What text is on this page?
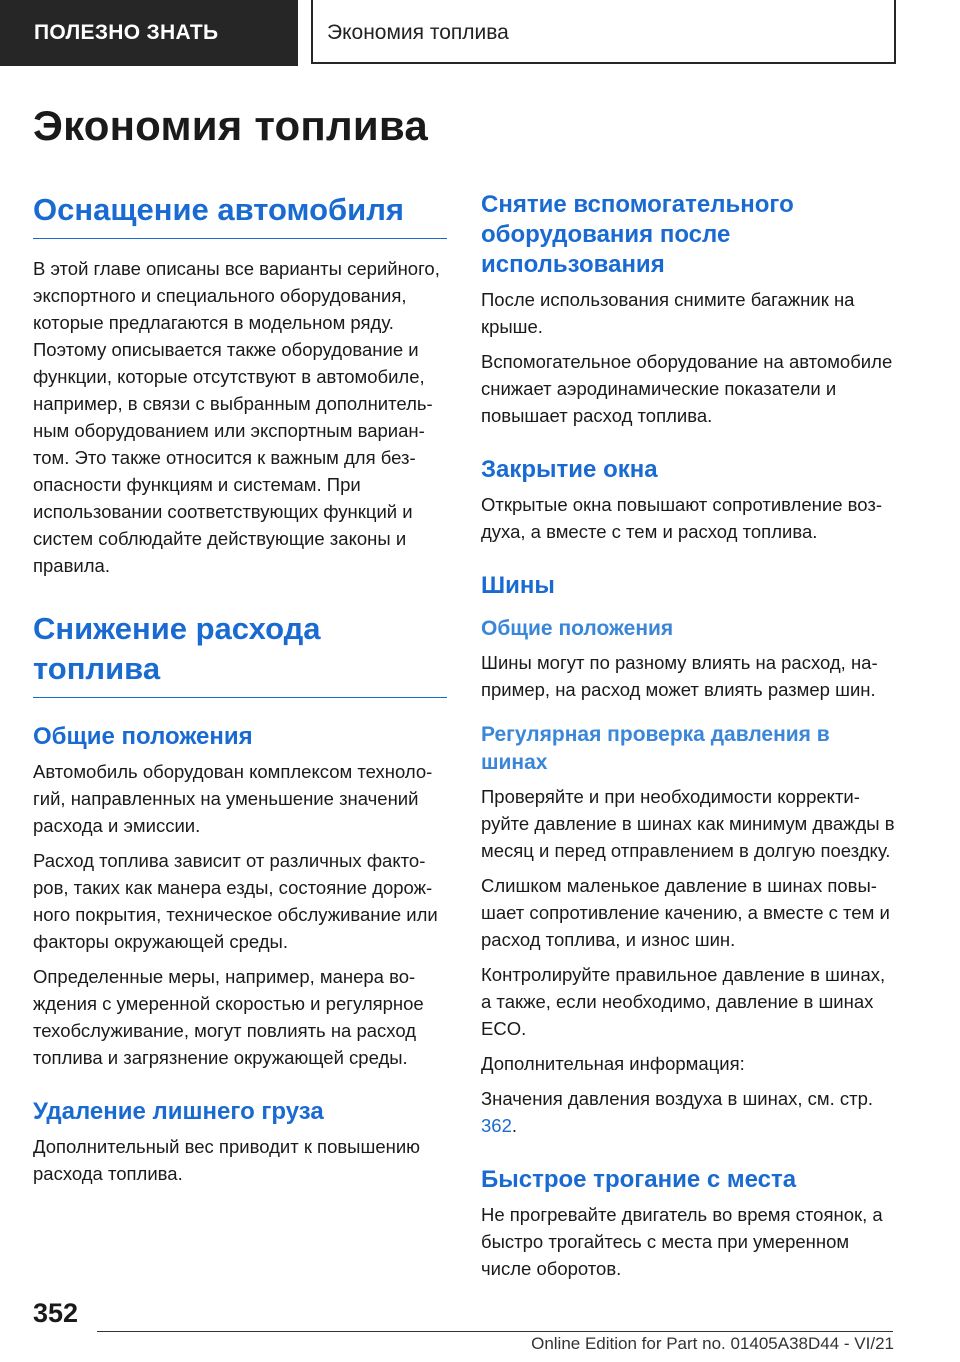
ПОЛЕЗНО ЗНАТЬ	Экономия топлива
Экономия топлива
Оснащение автомобиля

В этой главе описаны все варианты серийного, экспортного и специального оборудования, которые предлагаются в модельном ряду. Поэтому описывается также оборудование и функции, которые отсутствуют в автомобиле, например, в связи с выбранным дополнительным оборудованием или экспортным вариантом. Это также относится к важным для безопасности функциям и системам. При использовании соответствующих функций и систем соблюдайте действующие законы и правила.

Снижение расхода топлива
Общие положения

Автомобиль оборудован комплексом технологий, направленных на уменьшение значений расхода и эмиссии.

Расход топлива зависит от различных факторов, таких как манера езды, состояние дорожного покрытия, техническое обслуживание или факторы окружающей среды.

Определенные меры, например, манера вождения с умеренной скоростью и регулярное техобслуживание, могут повлиять на расход топлива и загрязнение окружающей среды.

Удаление лишнего груза

Дополнительный вес приводит к повышению расхода топлива.

Снятие вспомогательного оборудования после использования

После использования снимите багажник на крыше.

Вспомогательное оборудование на автомобиле снижает аэродинамические показатели и повышает расход топлива.

Закрытие окна

Открытые окна повышают сопротивление воздуха, а вместе с тем и расход топлива.

Шины
Общие положения

Шины могут по разному влиять на расход, например, на расход может влиять размер шин.

Регулярная проверка давления в шинах

Проверяйте и при необходимости корректируйте давление в шинах как минимум дважды в месяц и перед отправлением в долгую поездку.

Слишком маленькое давление в шинах повышает сопротивление качению, а вместе с тем и расход топлива, и износ шин.

Контролируйте правильное давление в шинах, а также, если необходимо, давление в шинах ECO.

Дополнительная информация:

Значения давления воздуха в шинах, см. стр. 362.

Быстрое трогание с места

Не прогревайте двигатель во время стоянок, а быстро трогайтесь с места при умеренном числе оборотов.

352
Online Edition for Part no. 01405A38D44 - VI/21
